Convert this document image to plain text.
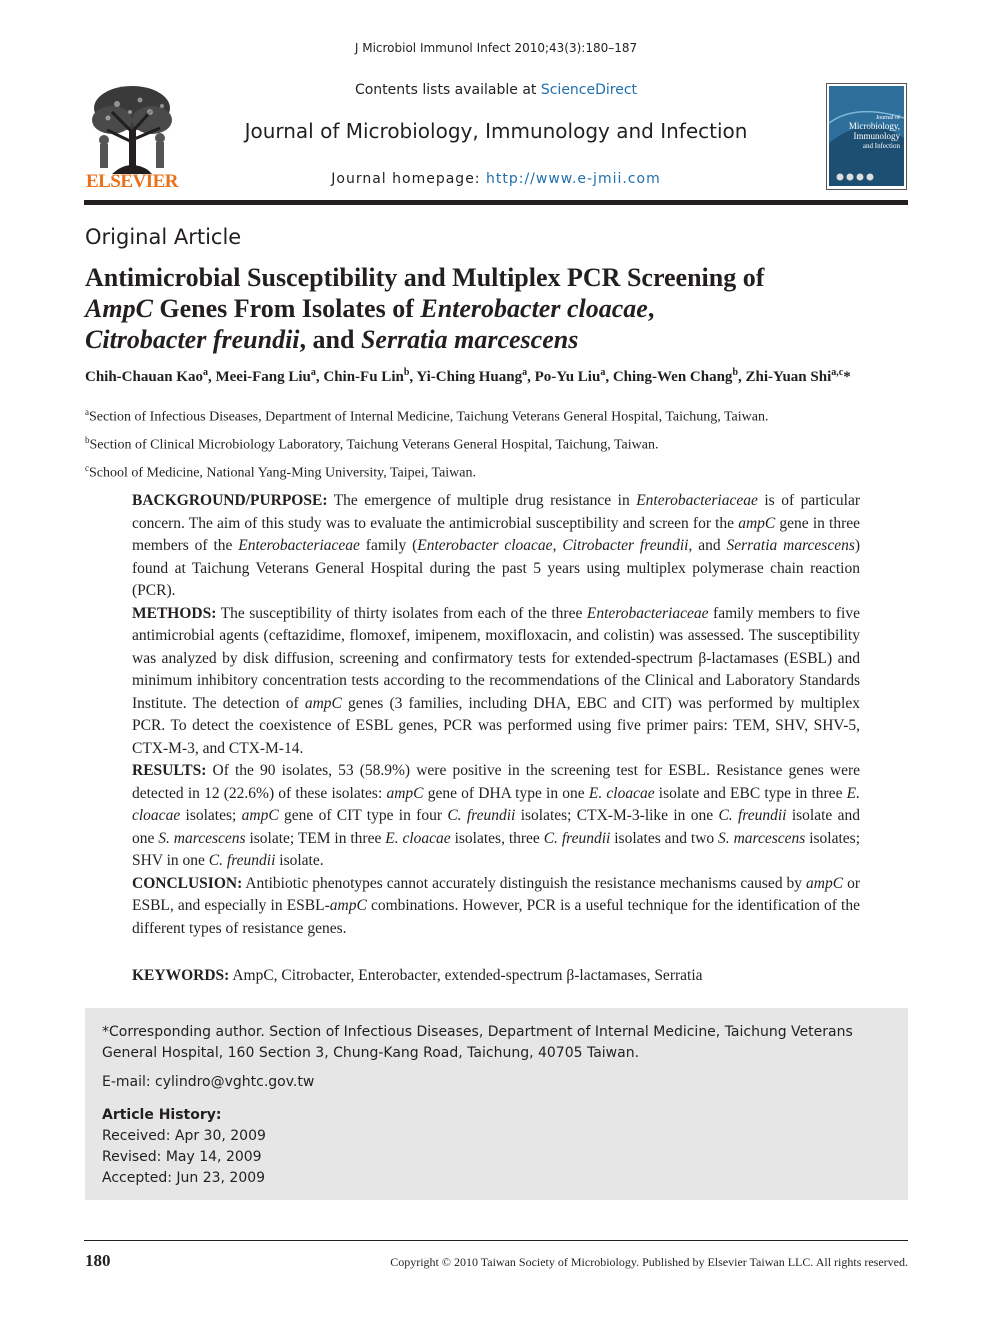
J Microbiol Immunol Infect 2010;43(3):180–187
Contents lists available at ScienceDirect
Journal of Microbiology, Immunology and Infection
Journal homepage: http://www.e-jmii.com
ELSEVIER
Journal of
Microbiology,
Immunology
and Infection
Original Article
Antimicrobial Susceptibility and Multiplex PCR Screening of
AmpC Genes From Isolates of Enterobacter cloacae,
Citrobacter freundii, and Serratia marcescens
Chih-Chauan Kao$^a$, Meei-Fang Liu$^a$, Chin-Fu Lin$^b$, Yi-Ching Huang$^a$, Po-Yu Liu$^a$, Ching-Wen Chang$^b$, Zhi-Yuan Shi$^{a,c}$*
$^a$Section of Infectious Diseases, Department of Internal Medicine, Taichung Veterans General Hospital, Taichung, Taiwan.
$^b$Section of Clinical Microbiology Laboratory, Taichung Veterans General Hospital, Taichung, Taiwan.
$^c$School of Medicine, National Yang-Ming University, Taipei, Taiwan.

BACKGROUND/PURPOSE: The emergence of multiple drug resistance in Enterobacteriaceae is of particular concern. The aim of this study was to evaluate the antimicrobial susceptibility and screen for the ampC gene in three members of the Enterobacteriaceae family (Enterobacter cloacae, Citrobacter freundii, and Serratia marcescens) found at Taichung Veterans General Hospital during the past 5 years using multiplex polymerase chain reaction (PCR).

METHODS: The susceptibility of thirty isolates from each of the three Enterobacteriaceae family members to five antimicrobial agents (ceftazidime, flomoxef, imipenem, moxifloxacin, and colistin) was assessed. The susceptibility was analyzed by disk diffusion, screening and confirmatory tests for extended-spectrum β-lactamases (ESBL) and minimum inhibitory concentration tests according to the recommendations of the Clinical and Laboratory Standards Institute. The detection of ampC genes (3 families, including DHA, EBC and CIT) was performed by multiplex PCR. To detect the coexistence of ESBL genes, PCR was performed using five primer pairs: TEM, SHV, SHV-5, CTX-M-3, and CTX-M-14.

RESULTS: Of the 90 isolates, 53 (58.9%) were positive in the screening test for ESBL. Resistance genes were detected in 12 (22.6%) of these isolates: ampC gene of DHA type in one E. cloacae isolate and EBC type in three E. cloacae isolates; ampC gene of CIT type in four C. freundii isolates; CTX-M-3-like in one C. freundii isolate and one S. marcescens isolate; TEM in three E. cloacae isolates, three C. freundii isolates and two S. marcescens isolates; SHV in one C. freundii isolate.

CONCLUSION: Antibiotic phenotypes cannot accurately distinguish the resistance mechanisms caused by ampC or ESBL, and especially in ESBL-ampC combinations. However, PCR is a useful technique for the identification of the different types of resistance genes.

KEYWORDS: AmpC, Citrobacter, Enterobacter, extended-spectrum β-lactamases, Serratia
*Corresponding author. Section of Infectious Diseases, Department of Internal Medicine, Taichung Veterans General Hospital, 160 Section 3, Chung-Kang Road, Taichung, 40705 Taiwan.
E-mail: cylindro@vghtc.gov.tw
Article History:
Received: Apr 30, 2009
Revised: May 14, 2009
Accepted: Jun 23, 2009
180	Copyright © 2010 Taiwan Society of Microbiology. Published by Elsevier Taiwan LLC. All rights reserved.
